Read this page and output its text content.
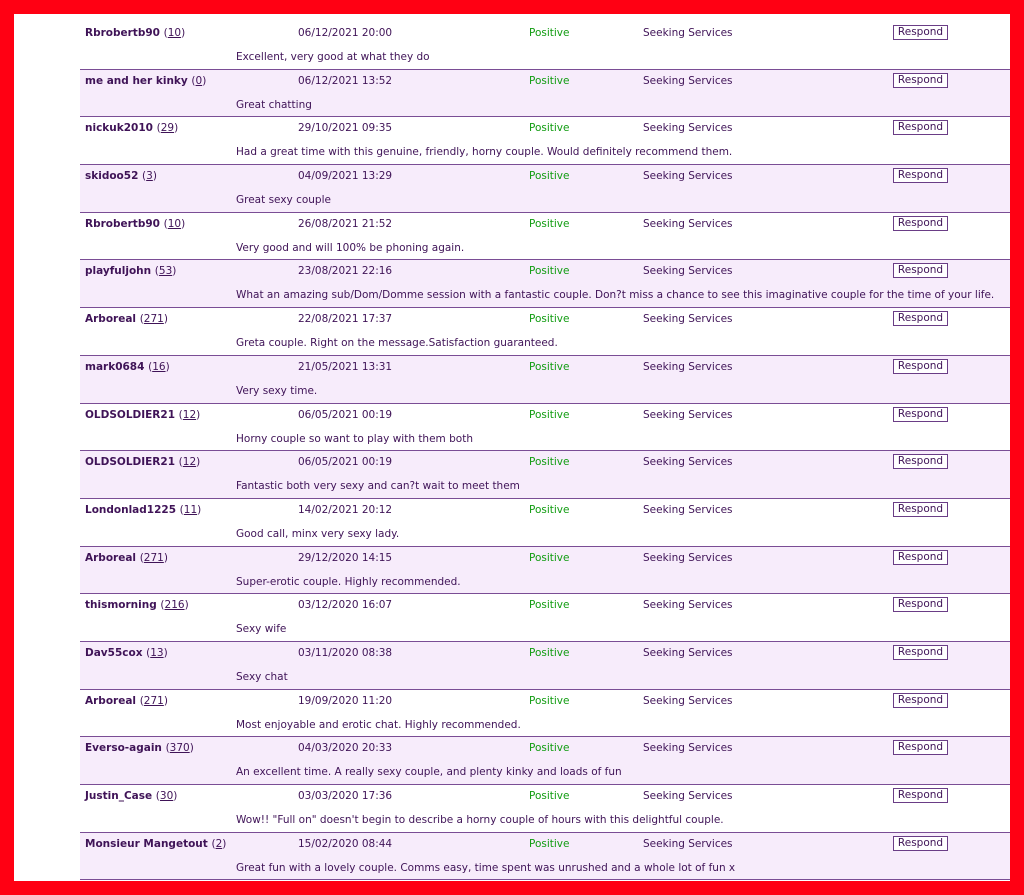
Rbrobertb90 (10)	06/12/2021 20:00	Positive	Seeking Services	Respond
Excellent, very good at what they do
me and her kinky (0)	06/12/2021 13:52	Positive	Seeking Services	Respond
Great chatting
nickuk2010 (29)	29/10/2021 09:35	Positive	Seeking Services	Respond
Had a great time with this genuine, friendly, horny couple. Would definitely recommend them.
skidoo52 (3)	04/09/2021 13:29	Positive	Seeking Services	Respond
Great sexy couple
Rbrobertb90 (10)	26/08/2021 21:52	Positive	Seeking Services	Respond
Very good and will 100% be phoning again.
playfuljohn (53)	23/08/2021 22:16	Positive	Seeking Services	Respond
What an amazing sub/Dom/Domme session with a fantastic couple. Don?t miss a chance to see this imaginative couple for the time of your life.
Arboreal (271)	22/08/2021 17:37	Positive	Seeking Services	Respond
Greta couple. Right on the message.Satisfaction guaranteed.
mark0684 (16)	21/05/2021 13:31	Positive	Seeking Services	Respond
Very sexy time.
OLDSOLDIER21 (12)	06/05/2021 00:19	Positive	Seeking Services	Respond
Horny couple so want to play with them both
OLDSOLDIER21 (12)	06/05/2021 00:19	Positive	Seeking Services	Respond
Fantastic both very sexy and can?t wait to meet them
Londonlad1225 (11)	14/02/2021 20:12	Positive	Seeking Services	Respond
Good call, minx very sexy lady.
Arboreal (271)	29/12/2020 14:15	Positive	Seeking Services	Respond
Super-erotic couple. Highly recommended.
thismorning (216)	03/12/2020 16:07	Positive	Seeking Services	Respond
Sexy wife
Dav55cox (13)	03/11/2020 08:38	Positive	Seeking Services	Respond
Sexy chat
Arboreal (271)	19/09/2020 11:20	Positive	Seeking Services	Respond
Most enjoyable and erotic chat. Highly recommended.
Everso-again (370)	04/03/2020 20:33	Positive	Seeking Services	Respond
An excellent time. A really sexy couple, and plenty kinky and loads of fun
Justin_Case (30)	03/03/2020 17:36	Positive	Seeking Services	Respond
Wow!! "Full on" doesn't begin to describe a horny couple of hours with this delightful couple.
Monsieur Mangetout (2)	15/02/2020 08:44	Positive	Seeking Services	Respond
Great fun with a lovely couple. Comms easy, time spent was unrushed and a whole lot of fun x
